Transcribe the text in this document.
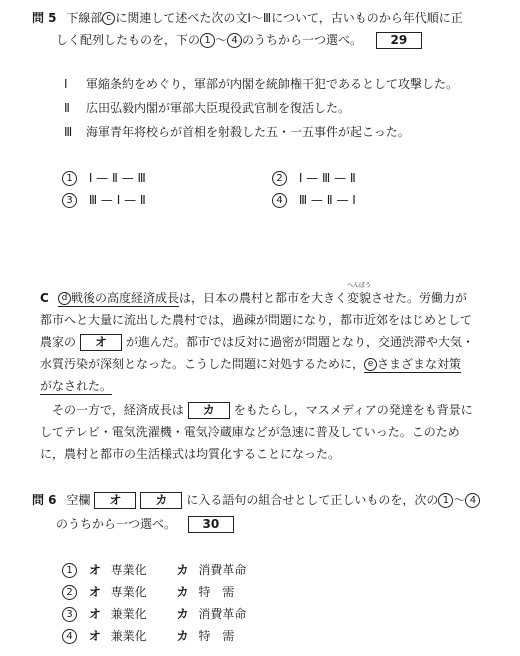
問 5 下線部 c に関連して述べた次の文Ⅰ～Ⅲについて，古いものから年代順に正
しく配列したものを，下の 1 ～ 4 のうちから一つ選べ。 29
Ⅰ 軍縮条約をめぐり，軍部が内閣を統帥権干犯であるとして攻撃した。
Ⅱ 広田弘毅内閣が軍部大臣現役武官制を復活した。
Ⅲ 海軍青年将校らが首相を射殺した五・一五事件が起こった。
1 Ⅰ — Ⅱ — Ⅲ	2 Ⅰ — Ⅲ — Ⅱ
3 Ⅲ — Ⅰ — Ⅱ	4 Ⅲ — Ⅱ — Ⅰ
C d 戦後の高度経済成長は，日本の農村と都市を大きく
へんぼう
変貌させた。労働力が
都市へと大量に流出した農村では，過疎が問題になり，都市近郊をはじめとして
農家の オ が進んだ。都市では反対に過密が問題となり，交通渋滞や大気・
水質汚染が深刻となった。こうした問題に対処するために， e さまざまな対策
がなされた。
その一方で，経済成長は カ をもたらし，マスメディアの発達をも背景に
してテレビ・電気洗濯機・電気冷蔵庫などが急速に普及していった。このため
に，農村と都市の生活様式は均質化することになった。
問 6 空欄 オ	カ に入る語句の組合せとして正しいものを，次の 1 ～ 4
のうちから一つ選べ。 30
1 オ 専業化 カ 消費革命
2 オ 専業化 カ 特　需
3 オ 兼業化 カ 消費革命
4 オ 兼業化 カ 特　需
